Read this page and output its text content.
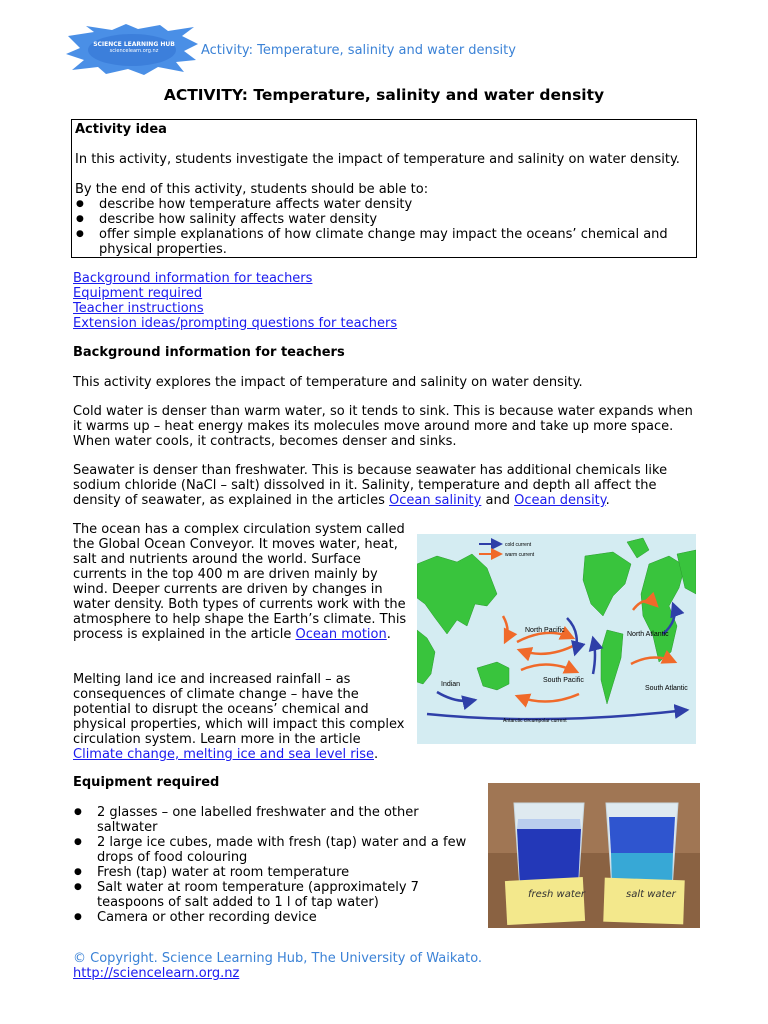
SCIENCE LEARNING HUB
sciencelearn.org.nz	Activity: Temperature, salinity and water density
ACTIVITY: Temperature, salinity and water density
Activity idea

In this activity, students investigate the impact of temperature and salinity on water density.

By the end of this activity, students should be able to:
● describe how temperature affects water density
● describe how salinity affects water density
● offer simple explanations of how climate change may impact the oceans’ chemical and physical properties.
Background information for teachers
Equipment required
Teacher instructions
Extension ideas/prompting questions for teachers
Background information for teachers
This activity explores the impact of temperature and salinity on water density.
Cold water is denser than warm water, so it tends to sink. This is because water expands when it warms up – heat energy makes its molecules move around more and take up more space. When water cools, it contracts, becomes denser and sinks.
Seawater is denser than freshwater. This is because seawater has additional chemicals like sodium chloride (NaCl – salt) dissolved in it. Salinity, temperature and depth all affect the density of seawater, as explained in the articles Ocean salinity and Ocean density.
The ocean has a complex circulation system called the Global Ocean Conveyor. It moves water, heat, salt and nutrients around the world. Surface currents in the top 400 m are driven mainly by wind. Deeper currents are driven by changes in water density. Both types of currents work with the atmosphere to help shape the Earth’s climate. This process is explained in the article Ocean motion.
Melting land ice and increased rainfall – as consequences of climate change – have the potential to disrupt the oceans’ chemical and physical properties, which will impact this complex circulation system. Learn more in the article Climate change, melting ice and sea level rise.
cold current
warm current
North Pacific
North Atlantic
South Pacific
South Atlantic
Indian
Antarctic circumpolar current
Equipment required
● 2 glasses – one labelled freshwater and the other saltwater
● 2 large ice cubes, made with fresh (tap) water and a few drops of food colouring
● Fresh (tap) water at room temperature
● Salt water at room temperature (approximately 7 teaspoons of salt added to 1 l of tap water)
● Camera or other recording device
fresh water	salt water
© Copyright. Science Learning Hub, The University of Waikato.
http://sciencelearn.org.nz
